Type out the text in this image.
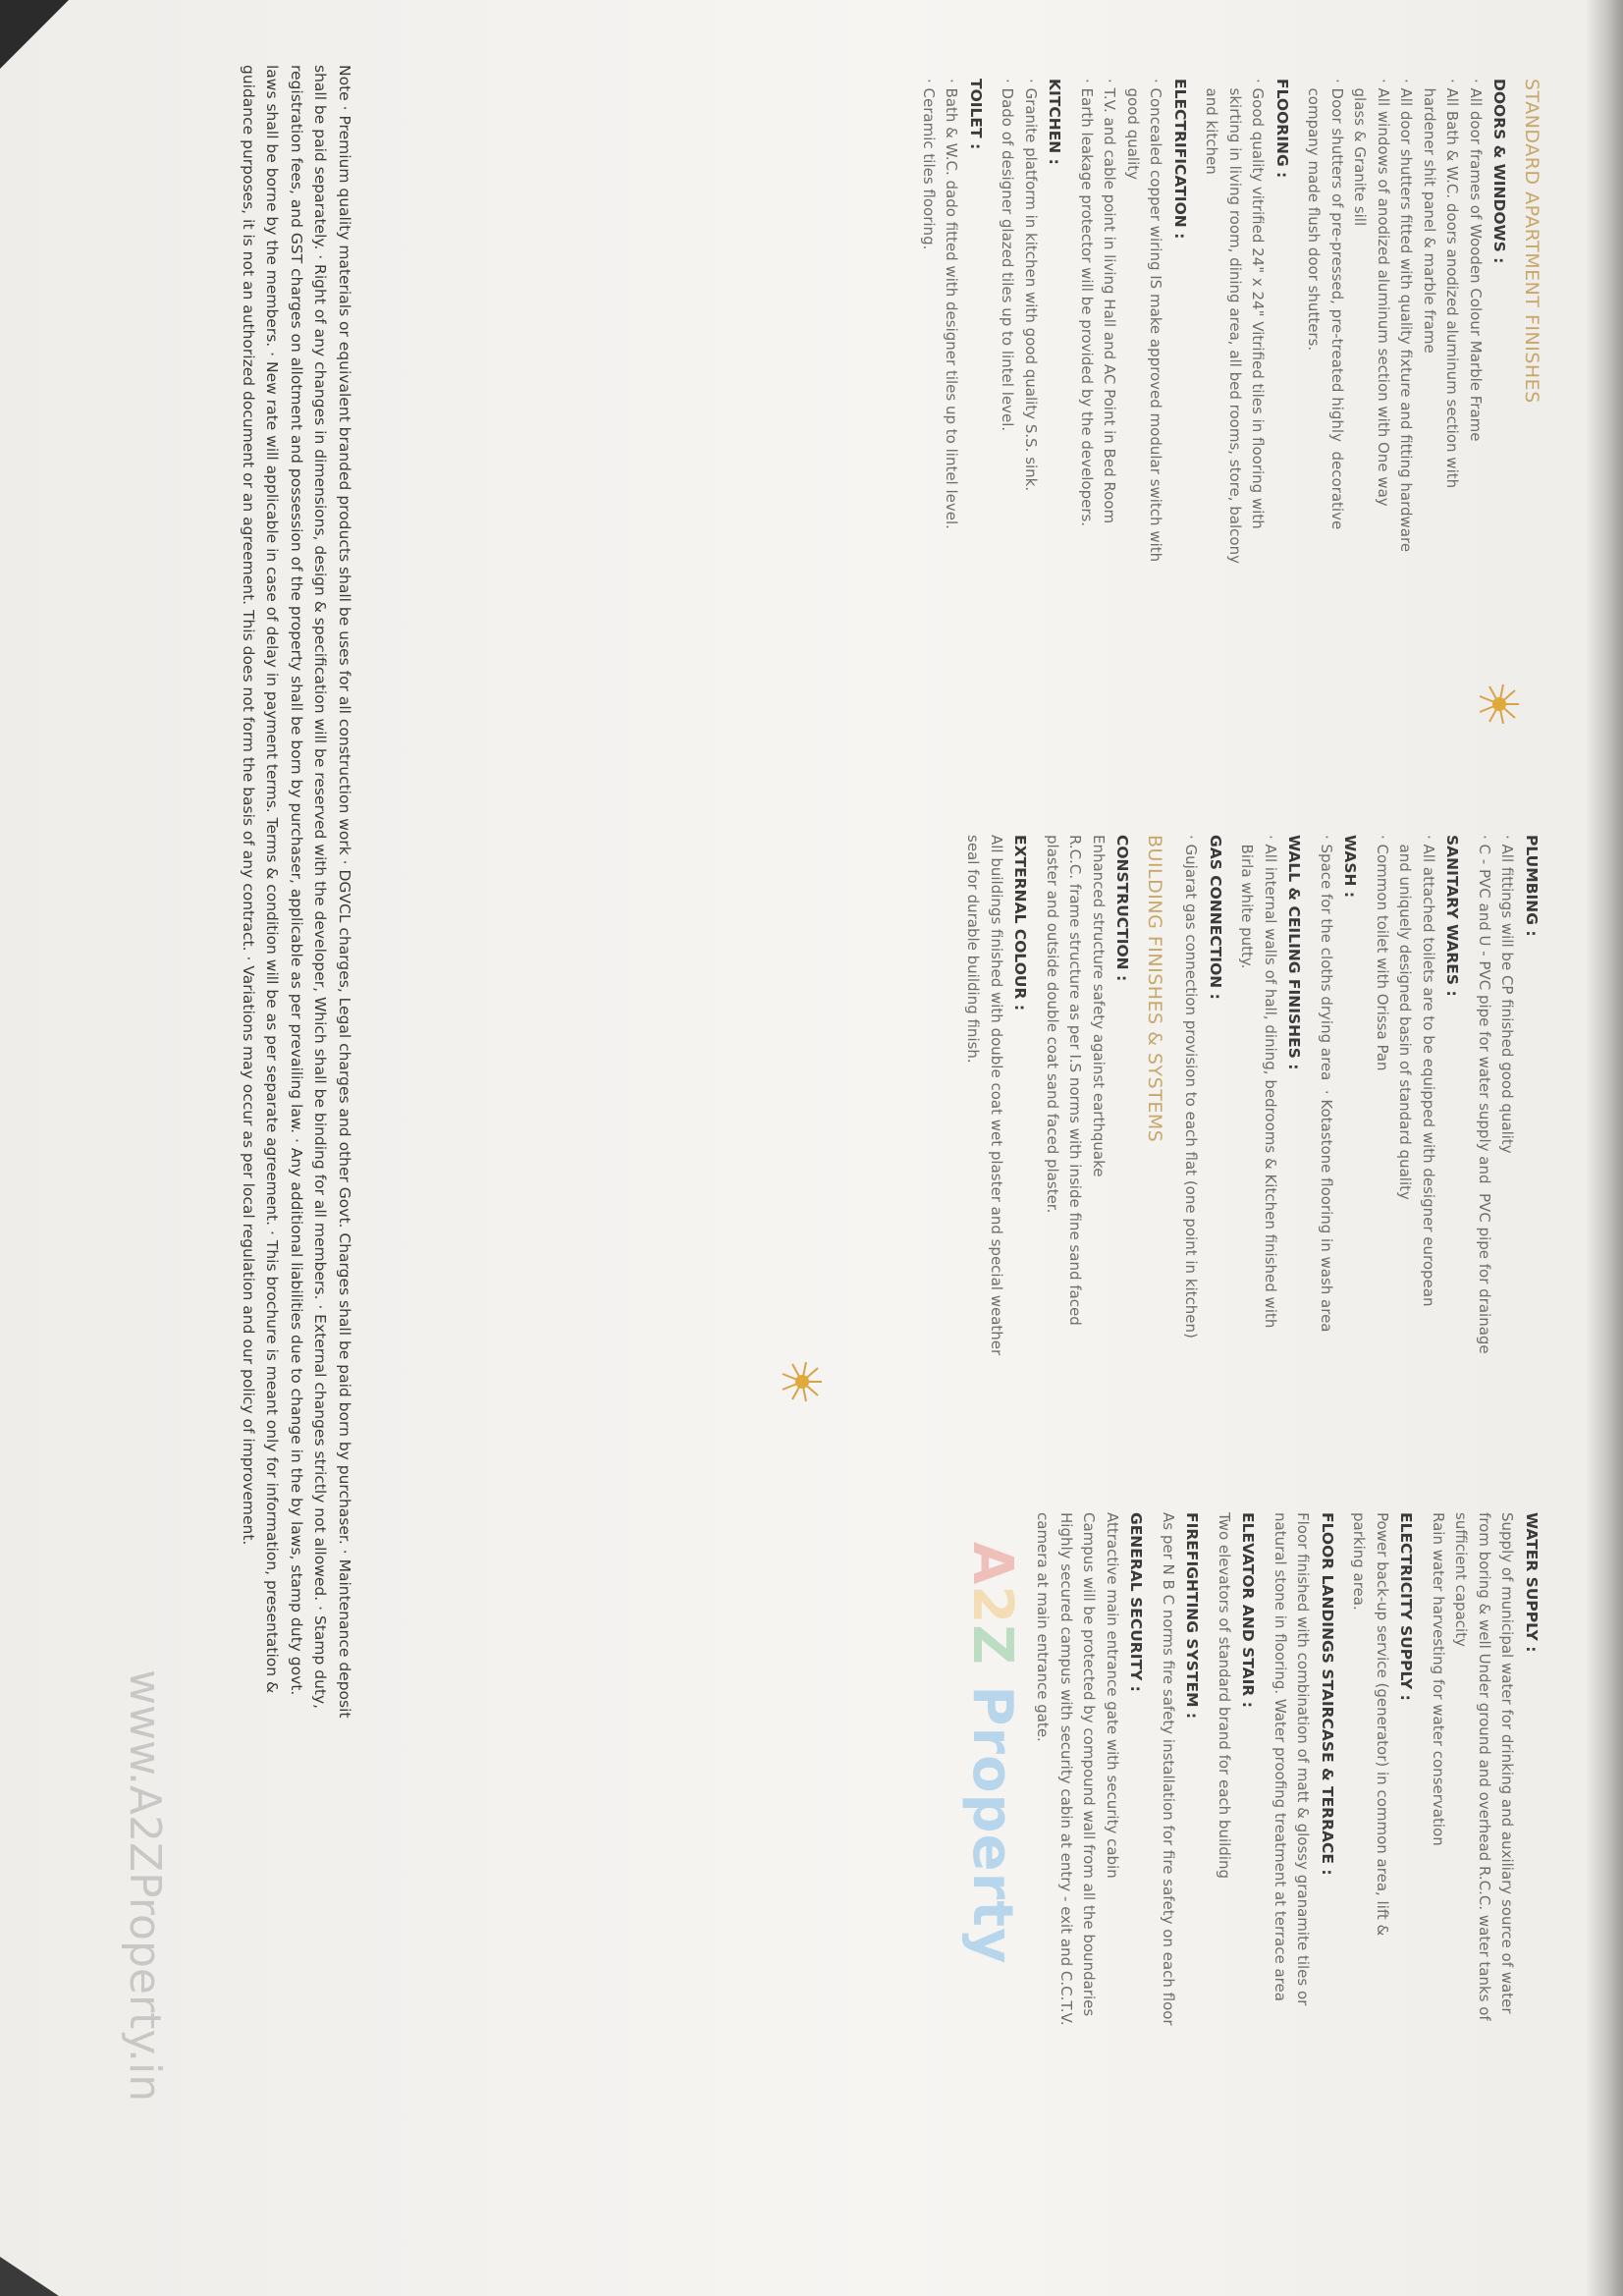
STANDARD APARTMENT FINISHES
DOORS & WINDOWS :
· All door frames of Wooden Colour Marble Frame
· All Bath & W.C. doors anodized aluminum section with
hardener shit panel & marble frame
· All door shutters fitted with quality fixture and fitting hardware
· All windows of anodized aluminum section with One way
glass & Granite sill
· Door shutters of pre-pressed, pre-treated highly  decorative
company made flush door shutters.
FLOORING :
· Good quality vitrified 24" x 24" Vitrified tiles in flooring with
skirting in living room, dining area, all bed rooms, store, balcony
and kitchen
ELECTRIFICATION :
· Concealed copper wiring IS make approved modular switch with
good quality
· T.V. and cable point in living Hall and AC Point in Bed Room
· Earth leakage protector will be provided by the developers.
KITCHEN :
· Granite platform in kitchen with good quality S.S. sink.
· Dado of designer glazed tiles up to lintel level.
TOILET :
· Bath & W.C. dado fitted with designer tiles up to lintel level.
· Ceramic tiles flooring.
PLUMBING :
· All fittings will be CP finished good quality
· C - PVC and U - PVC pipe for water supply and  PVC pipe for drainage
SANITARY WARES :
· All attached toilets are to be equipped with designer european
and uniquely designed basin of standard quality
· Common toilet with Orissa Pan
WASH :
· Space for the cloths drying area  · Kotastone flooring in wash area
WALL & CEILING FINISHES :
· All internal walls of hall, dining, bedrooms & Kitchen finished with
Birla white putty.
GAS CONNECTION :
· Gujarat gas connection provision to each flat (one point in kitchen)
BUILDING FINISHES & SYSTEMS
CONSTRUCTION :
Enhanced structure safety against earthquake
R.C.C. frame structure as per I.S norms with inside fine sand faced
plaster and outside double coat sand faced plaster.
EXTERNAL COLOUR :
All buildings finished with double coat wet plaster and special weather
seal for durable building finish.
WATER SUPPLY :
Supply of municipal water for drinking and auxiliary source of water
from boring & well Under ground and overhead R.C.C. water tanks of
sufficient capacity
Rain water harvesting for water conservation
ELECTRICITY SUPPLY :
Power back-up service (generator) in common area, lift &
parking area.
FLOOR LANDINGS STAIRCASE & TERRACE :
Floor finished with combination of matt & glossy granamite tiles or
natural stone in flooring. Water proofing treatment at terrace area
ELEVATOR AND STAIR :
Two elevators of standard brand for each building
FIREFIGHTING SYSTEM :
As per N B C norms fire safety installation for fire safety on each floor
GENERAL SECURITY :
Attractive main entrance gate with security cabin
Campus will be protected by compound wall from all the boundaries
Highly secured campus with security cabin at entry - exit and C.C.T.V.
camera at main entrance gate.
A2Z Property
Note · Premium quality materials or equivalent branded products shall be uses for all construction work · DGVCL charges, Legal charges and other Govt. Charges shall be paid born by purchaser. · Maintenance deposit
shall be paid separately. · Right of any changes in dimensions, design & specification will be reserved with the developer, Which shall be binding for all members. · External changes strictly not allowed. · Stamp duty,
registration fees, and GST charges on allotment and possession of the property shall be born by purchaser, applicable as per prevailing law. · Any additional liabilities due to change in the by laws, stamp duty govt.
laws shall be borne by the members. · New rate will applicable in case of delay in payment terms. Terms & condition will be as per separate agreement. · This brochure is meant only for information, presentation &
guidance purposes, it is not an authorized document or an agreement. This does not form the basis of any contract. · Variations may occur as per local regulation and our policy of improvement.
www.A2ZProperty.in
